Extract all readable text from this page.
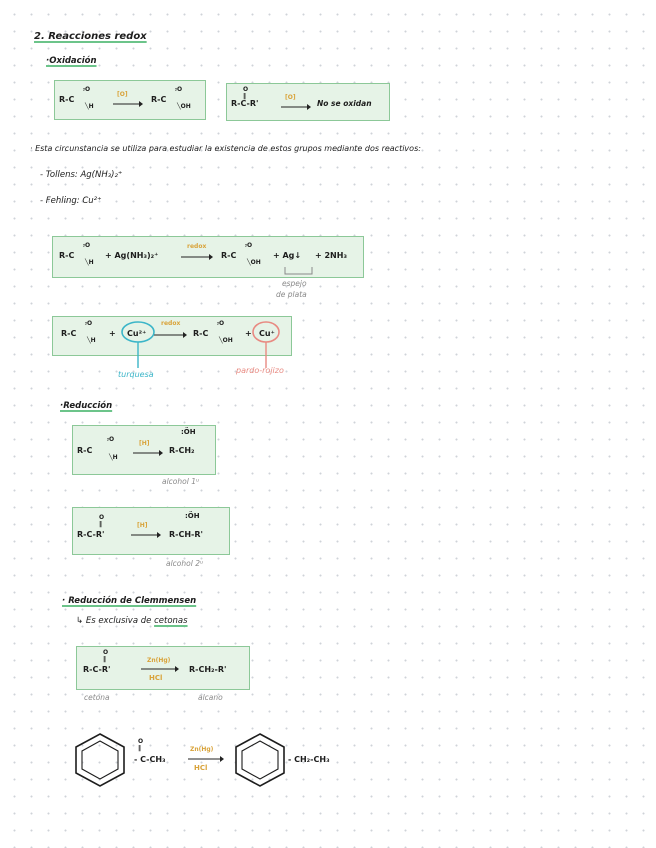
2. Reacciones redox
·Oxidación
R-C
⸗O
╲H
[O]
R-C
⸗O
╲OH
O
‖
R-C-R'
[O]
No se oxidan
· Esta circunstancia se utiliza para estudiar la existencia de estos grupos mediante dos reactivos:
- Tollens: Ag(NH₃)₂⁺
- Fehling: Cu²⁺
R-C
⸗O
╲H
+ Ag(NH₃)₂⁺
redox
R-C
⸗O
╲OH
+ Ag↓ + 2NH₃
espejo
de plata
R-C
⸗O
╲H
+ Cu²⁺
redox
R-C
⸗O
╲OH
+ Cu⁺
turquesa	pardo-rojizo
·Reducción
R-C
⸗O
╲H
[H]
:ÖH
R-CH₂
alcohol 1ᵘ
O
‖
R-C-R'
[H]
:ÖH
R-CH-R'
alcohol 2ᵘ
· Reducción de Clemmensen
↳ Es exclusiva de cetonas
O
‖
R-C-R'
Zn(Hg)
HCl
R-CH₂-R'
cetona	alcano
O
‖
- C-CH₃
Zn(Hg)
HCl
- CH₂-CH₃
